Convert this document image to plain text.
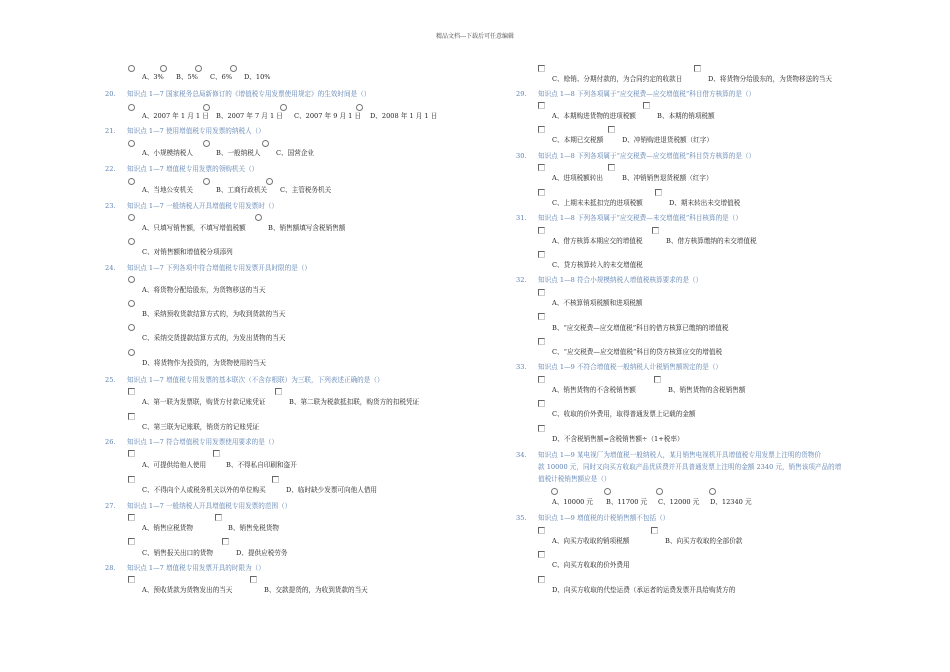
精品文档---下载后可任意编辑
A、3% B、5% C、6% D、10%
20. 知识点 1—7 国家税务总局新修订的《增值税专用发票使用规定》的生效时间是（）
A、2007 年 1 月 1 日 B、2007 年 7 月 1 日 C、2007 年 9 月 1 日 D、2008 年 1 月 1 日
21. 知识点 1—7 使用增值税专用发票的纳税人（）
A、小规模纳税人	B、一般纳税人 C、国营企业
22. 知识点 1—7 增值税专用发票的领购机关（）
A、当地公安机关	B、工商行政机关 C、主管税务机关
23. 知识点 1—7 一般纳税人开具增值税专用发票时（）
A、只填写销售额，不填写增值税额	B、销售额填写含税销售额
C、对销售额和增值税分项添列
24. 知识点 1—7 下列各项中符合增值税专用发票开具时限的是（）
A、将货物分配给股东，为货物移送的当天
B、采纳预收货款结算方式的，为收到货款的当天
C、采纳交货提款结算方式的，为发出货物的当天
D、将货物作为投资的，为货物使用的当天
25. 知识点 1—7 增值税专用发票的基本联次（不含存根联）为三联，下列表述正确的是（）
A、第一联为发票联，购货方付款记账凭证	B、第二联为税款抵扣联，购货方的扣税凭证
C、第三联为记账联，销货方的记账凭证
26. 知识点 1—7 符合增值税专用发票使用要求的是（）
A、可提供给他人使用	B、不得私自印刷和盗开
C、不得向个人或税务机关以外的单位购买	D、临时缺少发票可向他人借用
27. 知识点 1—7 一般纳税人开具增值税专用发票的范围（）
A、销售应税货物	B、销售免税货物
C、销售报关出口的货物	D、提供应税劳务
28. 知识点 1—7 增值税专用发票开具的时限为（）
A、预收货款为货物发出的当天	B、交款提货的，为收到货款的当天
C、赊销、分期付款的，为合同约定的收款日	D、将货物分给股东的，为货物移送的当天
29. 知识点 1—8 下列各项属于“应交税费—应交增值税”科目借方核算的是（）
A、本期购进货物的进项税额	B、本期的销项税额
C、本期已交税额	D、冲销购进退货税额（红字）
30. 知识点 1—8 下列各项属于“应交税费—应交增值税”科目贷方核算的是（）
A、进项税额转出	B、冲销销售退货税额（红字）
C、上期末未抵扣完的进项税额	D、期末转出未交增值税
31. 知识点 1—8 下列各项属于“应交税费—未交增值税”科目核算的是（）
A、借方核算本期应交的增值税	B、借方核算缴纳的未交增值税
C、贷方核算转入的未交增值税
32. 知识点 1—8 符合小规模纳税人增值税核算要求的是（）
A、不核算销项税额和进项税额
B、“应交税费—应交增值税”科目的借方核算已缴纳的增值税
C、“应交税费—应交增值税”科目的贷方核算应交的增值税
33. 知识点 1—9 不符合增值税一般纳税人计税销售额规定的是（）
A、销售货物的不含税销售额	B、销售货物的含税销售额
C、收取的价外费用，取得普通发票上记载的金额
D、不含税销售额=含税销售额÷（1+税率）
34. 知识点 1—9 某电视厂为增值税一般纳税人，某月销售电视机开具增值税专用发票上注明的货物价
款 10000 元，同时又向买方收取产品优质费并开具普通发票上注明的金额 2340 元，销售该项产品的增
值税计税销售额应是（）
A、10000 元 B、11700 元 C、12000 元 D、12340 元
35. 知识点 1—9 增值税的计税销售额不包括（）
A、向买方收取的销项税额	B、向买方收取的全部价款
C、向买方收取的价外费用
D、向买方收取的代垫运费（承运者的运费发票开具给购货方的
